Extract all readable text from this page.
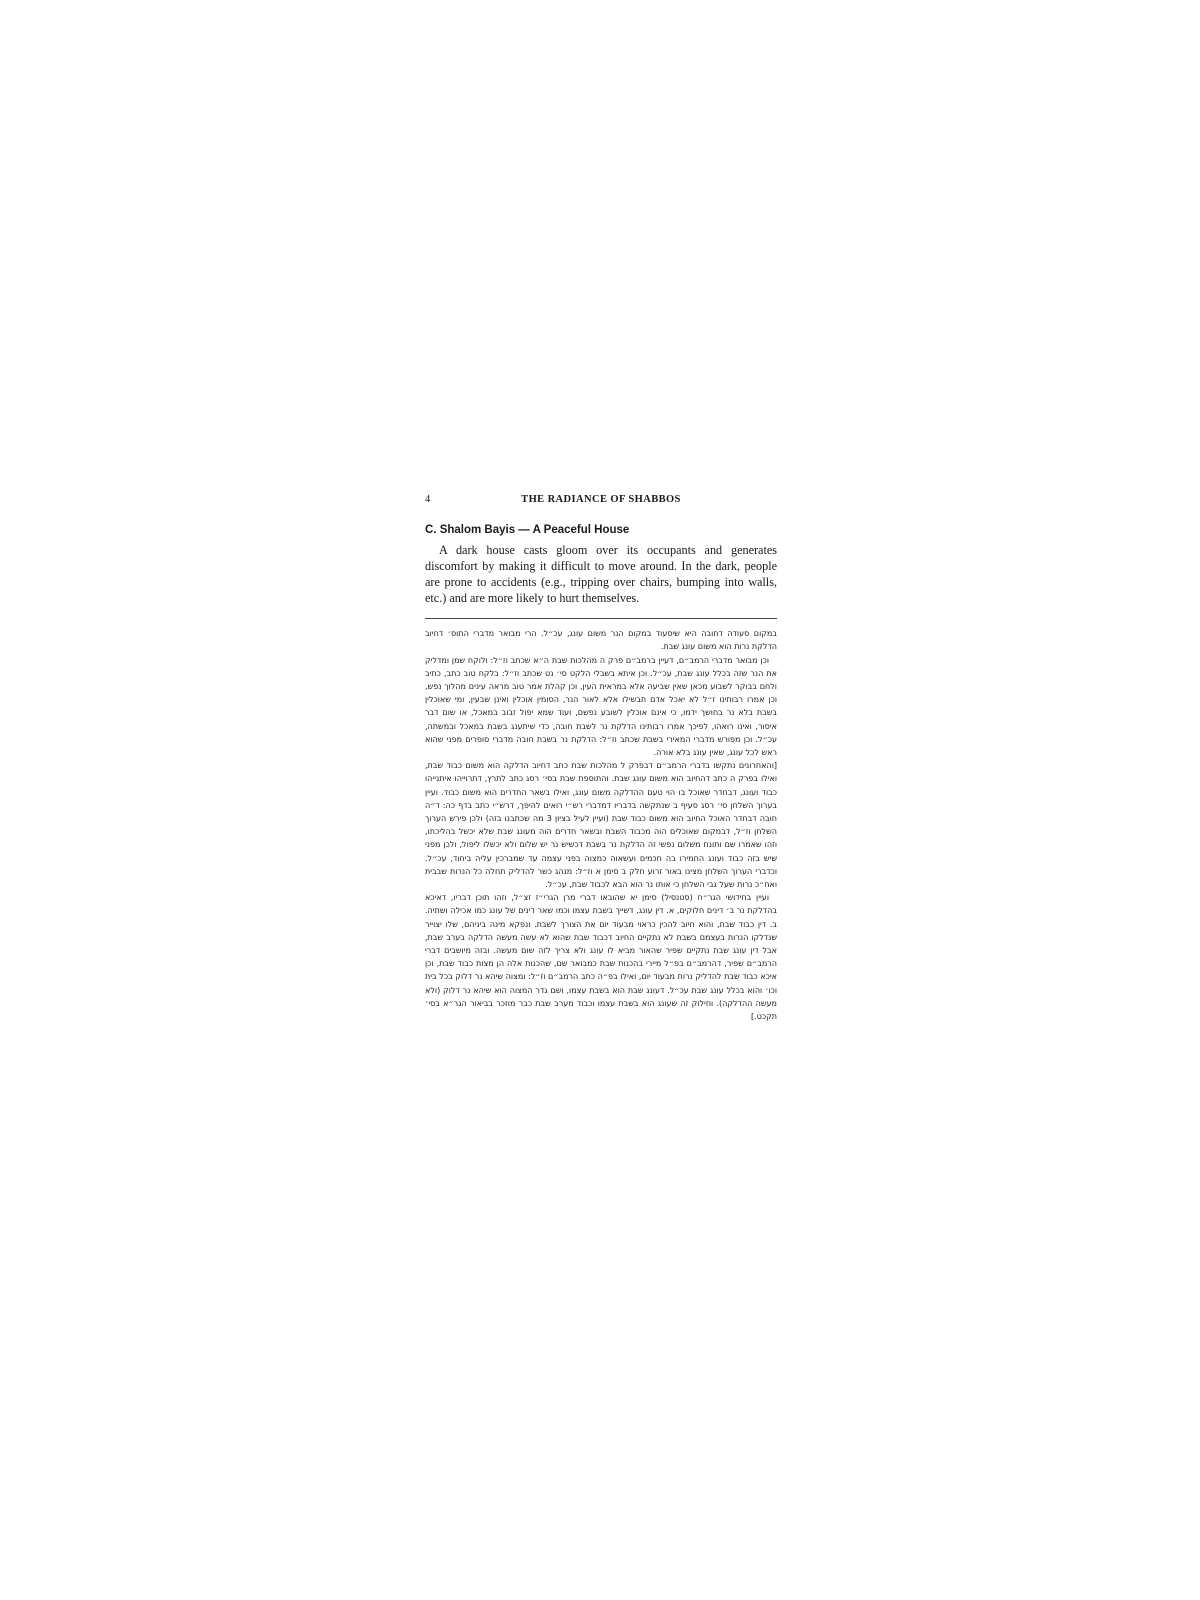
4	THE RADIANCE OF SHABBOS
C. Shalom Bayis — A Peaceful House

A dark house casts gloom over its occupants and generates discomfort by making it difficult to move around. In the dark, people are prone to accidents (e.g., tripping over chairs, bumping into walls, etc.) and are more likely to hurt themselves.

במקום סעודה דחובה היא שיסעוד במקום הנר משום עונג, עכ״ל. הרי מבואר מדברי התוס׳ דחיוב הדלקת נרות הוא משום עונג שבת.

וכן מבואר מדברי הרמב״ם, דעיין ברמב״ם פרק ה מהלכות שבת ה״א שכתב וז״ל: ולוקח שמן ומדליק את הנר שזה בכלל עונג שבת, עכ״ל. וכן איתא בשבלי הלקט סי׳ נט שכתב וז״ל: בלקח טוב כתב, כתיב ולחם בבוקר לשבוע מכאן שאין שביעה אלא במראית העין, וכן קהלת אמר טוב מראה עינים מהלוך נפש, וכן אמרו רבותינו ז״ל לא יאכל אדם תבשילו אלא לאור הנר, הסומין אוכלין ואינן שבעין, ומי שאוכלין בשבת בלא נר בחושך ידמו, כי אינם אוכלין לשובע נפשם, ועוד שמא יפול זבוב במאכל, או שום דבר איסור, ואינו רואהו, לפיכך אמרו רבותינו הדלקת נר לשבת חובה, כדי שיתענג בשבת במאכל ובמשתה, עכ״ל. וכן מפורש מדברי המאירי בשבת שכתב וז״ל: הדלקת נר בשבת חובה מדברי סופרים מפני שהוא ראש לכל עונג, שאין עונג בלא אורה.

[והאחרונים נתקשו בדברי הרמב״ם דבפרק ל מהלכות שבת כתב דחיוב הדלקה הוא משום כבוד שבת, ואילו בפרק ה כתב דהחיוב הוא משום עונג שבת. והתוספת שבת בסי׳ רסג כתב לתרץ, דתרוייהו איתנייהו כבוד ועונג, דבחדר שאוכל בו הוי טעם ההדלקה משום עונג, ואילו בשאר החדרים הוא משום כבוד. ועיין בערוך השלחן סי׳ רסג סעיף ב שנתקשה בדבריו דמדברי רש״י רואים להיפך, דרש״י כתב בדף כה: ד״ה חובה דבחדר האוכל החיוב הוא משום כבוד שבת (ועיין לעיל בציון 3 מה שכתבנו בזה) ולכן פירש הערוך השלחן וז״ל, דבמקום שאוכלים הוה מכבוד השבת ובשאר חדרים הוה מעונג שבת שלא יכשל בהליכתו, וזהו שאמרו שם ותונח משלום נפשי זה הדלקת נר בשבת דכשיש נר יש שלום ולא יכשלו ליפול, ולכן מפני שיש בזה כבוד ועונג החמירו בה חכמים ועשאוה כמצוה בפני עצמה עד שמברכין עליה ביחוד, עכ״ל. וכדברי הערוך השלחן מצינו באור זרוע חלק ב סימן א וז״ל: מנהג כשר להדליק תחלה כל הנרות שבבית ואח״כ נרות שעל גבי השלחן כי אותו נר הוא הבא לכבוד שבת, עכ״ל.

ועיין בחידושי הגר״ח (סטנסיל) סימן יא שהובאו דברי מרן הגרי״ז זצ״ל, וזהו תוכן דבריו, דאיכא בהדלקת נר ב׳ דינים חלוקים, א. דין עונג, דשייך בשבת עצמו וכמו שאר דינים של עונג כמו אכילה ושתיה. ב. דין כבוד שבת, והוא חיוב להכין כראוי מבעוד יום את הצורך לשבת. ונפקא מינה ביניהם, שלו יצוייר שנדלקו הנרות בעצמם בשבת לא נתקיים החיוב דכבוד שבת שהוא לא עשה מעשה הדלקה בערב שבת, אבל דין עונג שבת נתקיים שפיר שהאור מביא לו עונג ולא צריך לזה שום מעשה. ובזה מיושבים דברי הרמב״ם שפיר, דהרמב״ם בפ״ל מיירי בהכנות שבת כמבואר שם, שהכנות אלה הן מצות כבוד שבת, וכן איכא כבוד שבת להדליק נרות מבעוד יום, ואילו בפ״ה כתב הרמב״ם וז״ל: ומצוה שיהא נר דלוק בכל בית וכו׳ והוא בכלל עונג שבת עכ״ל. דעונג שבת הוא בשבת עצמו, ושם גדר המצוה הוא שיהא נר דלוק (ולא מעשה ההדלקה). וחילוק זה שעונג הוא בשבת עצמו וכבוד מערב שבת כבר מוזכר בביאור הגר״א בסי׳ תקכט.]
